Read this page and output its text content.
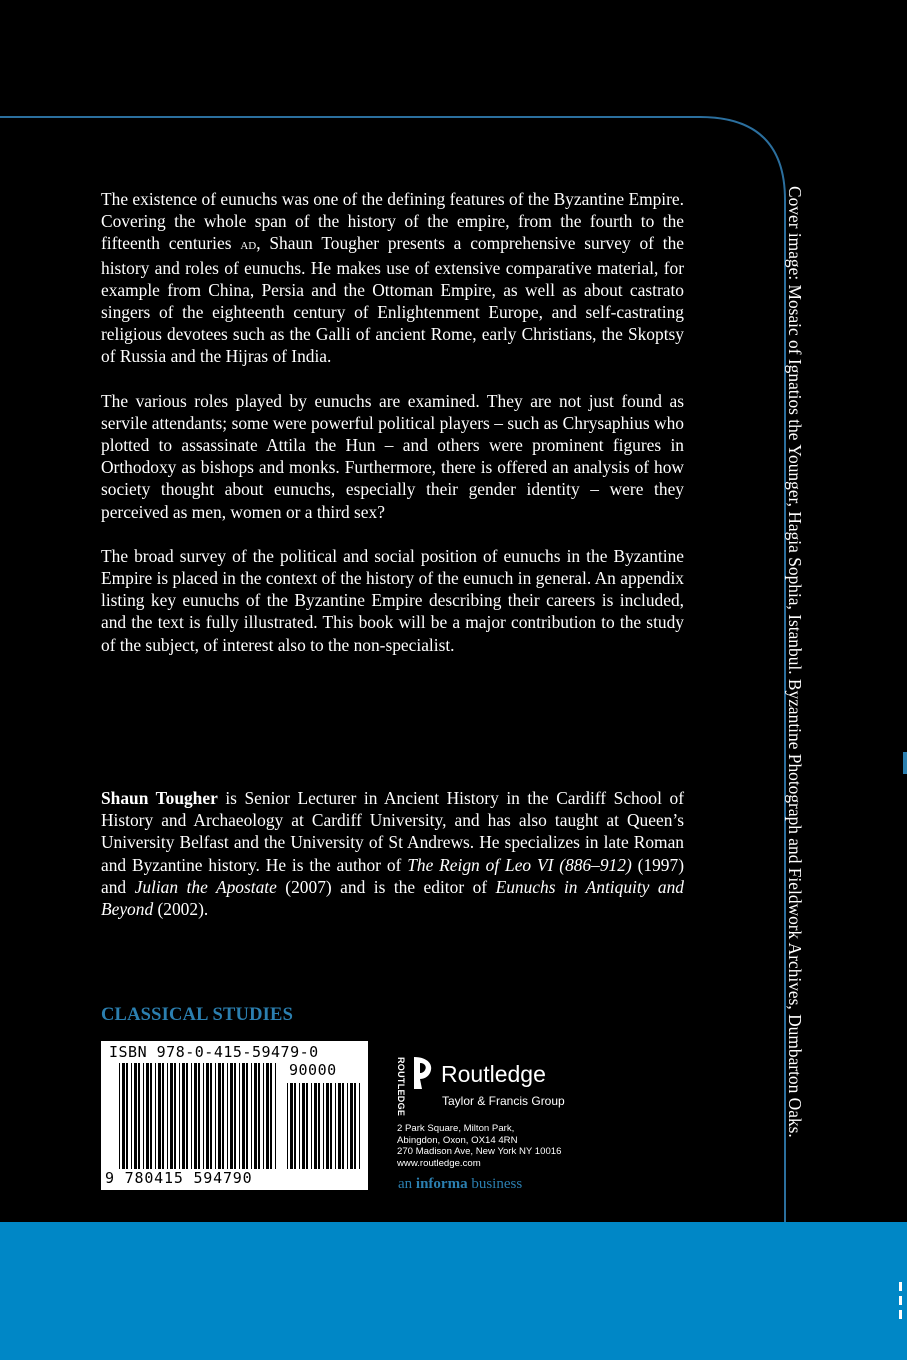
The existence of eunuchs was one of the defining features of the Byzantine Empire. Covering the whole span of the history of the empire, from the fourth to the fifteenth centuries ad, Shaun Tougher presents a comprehensive survey of the history and roles of eunuchs. He makes use of extensive comparative material, for example from China, Persia and the Ottoman Empire, as well as about castrato singers of the eighteenth century of Enlightenment Europe, and self-castrating religious devotees such as the Galli of ancient Rome, early Christians, the Skoptsy of Russia and the Hijras of India.

The various roles played by eunuchs are examined. They are not just found as servile attendants; some were powerful political players – such as Chrysaphius who plotted to assassinate Attila the Hun – and others were prominent figures in Orthodoxy as bishops and monks. Furthermore, there is offered an analysis of how society thought about eunuchs, especially their gender identity – were they perceived as men, women or a third sex?

The broad survey of the political and social position of eunuchs in the Byzantine Empire is placed in the context of the history of the eunuch in general. An appendix listing key eunuchs of the Byzantine Empire describing their careers is included, and the text is fully illustrated. This book will be a major contribution to the study of the subject, of interest also to the non-specialist.

Shaun Tougher is Senior Lecturer in Ancient History in the Cardiff School of History and Archaeology at Cardiff University, and has also taught at Queen’s University Belfast and the University of St Andrews. He specializes in late Roman and Byzantine history. He is the author of The Reign of Leo VI (886–912) (1997) and Julian the Apostate (2007) and is the editor of Eunuchs in Antiquity and Beyond (2002).

CLASSICAL STUDIES
ISBN 978-0-415-59479-0
90000
9 780415 594790
ROUTLEDGE Routledge
Taylor & Francis Group
2 Park Square, Milton Park,
Abingdon, Oxon, OX14 4RN
270 Madison Ave, New York NY 10016
www.routledge.com
an informa business
Cover image: Mosaic of Ignatios the Younger, Hagia Sophia, Istanbul. Byzantine Photograph and Fieldwork Archives, Dumbarton Oaks.
